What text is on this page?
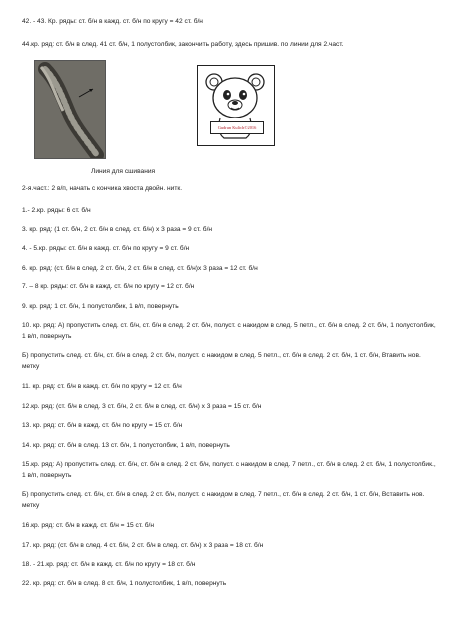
42. - 43. Кр. ряды: ст. б/н в кажд. ст. б/н по кругу = 42 ст. б/н
44.кр. ряд: ст. б/н в след. 41 ст. б/н, 1 полустолбик, закончить работу, здесь пришив. по линии для 2.част.
Gudrun Kulich©2016
Линия для сшивания
2-я.част.: 2 в/п, начать с кончика хвоста двойн. нитк.
1.- 2.кр. ряды: 6 ст. б/н
3. кр. ряд: (1 ст. б/н, 2 ст. б/н в след. ст. б/н) х 3 раза = 9 ст. б/н
4. - 5.кр. ряды: ст. б/н в кажд. ст. б/н по кругу = 9 ст. б/н
6. кр. ряд: (ст. б/н в след. 2 ст. б/н, 2 ст. б/н в след. ст. б/н)х 3 раза = 12 ст. б/н
7. – 8 кр. ряды: ст. б/н в кажд. ст. б/н по кругу = 12 ст. б/н
9. кр. ряд: 1 ст. б/н, 1 полустолбик, 1 в/п, повернуть
10. кр. ряд: А) пропустить след. ст. б/н, ст. б/н в след. 2 ст. б/н, полуст. с накидом в след. 5 петл., ст. б/н в след. 2 ст. б/н, 1 полустолбик, 1 в/п, повернуть
Б) пропустить след. ст. б/н, ст. б/н в след. 2 ст. б/н, полуст. с накидом в след. 5 петл., ст. б/н в след. 2 ст. б/н, 1 ст. б/н, Втавить нов. метку
11. кр. ряд: ст. б/н в кажд. ст. б/н по кругу = 12 ст. б/н
12.кр. ряд: (ст. б/н в след. 3 ст. б/н, 2 ст. б/н в след. ст. б/н) х 3 раза = 15 ст. б/н
13. кр. ряд: ст. б/н в кажд. ст. б/н по кругу = 15 ст. б/н
14. кр. ряд: ст. б/н в след. 13 ст. б/н, 1 полустолбик, 1 в/п, повернуть
15.кр. ряд: А) пропустить след. ст. б/н, ст. б/н в след. 2 ст. б/н, полуст. с накидом в след. 7 петл., ст. б/н в след. 2 ст. б/н, 1 полустолбик., 1 в/п, повернуть
Б) пропустить след. ст. б/н, ст. б/н в след. 2 ст. б/н, полуст. с накидом в след. 7 петл., ст. б/н в след. 2 ст. б/н, 1 ст. б/н, Вставить нов. метку
16.кр. ряд: ст. б/н в кажд. ст. б/н = 15 ст. б/н
17. кр. ряд: (ст. б/н в след. 4 ст. б/н, 2 ст. б/н в след. ст. б/н) х 3 раза = 18 ст. б/н
18. - 21.кр. ряд: ст. б/н в кажд. ст. б/н по кругу = 18 ст. б/н
22. кр. ряд: ст. б/н в след. 8 ст. б/н, 1 полустолбик, 1 в/п, повернуть
